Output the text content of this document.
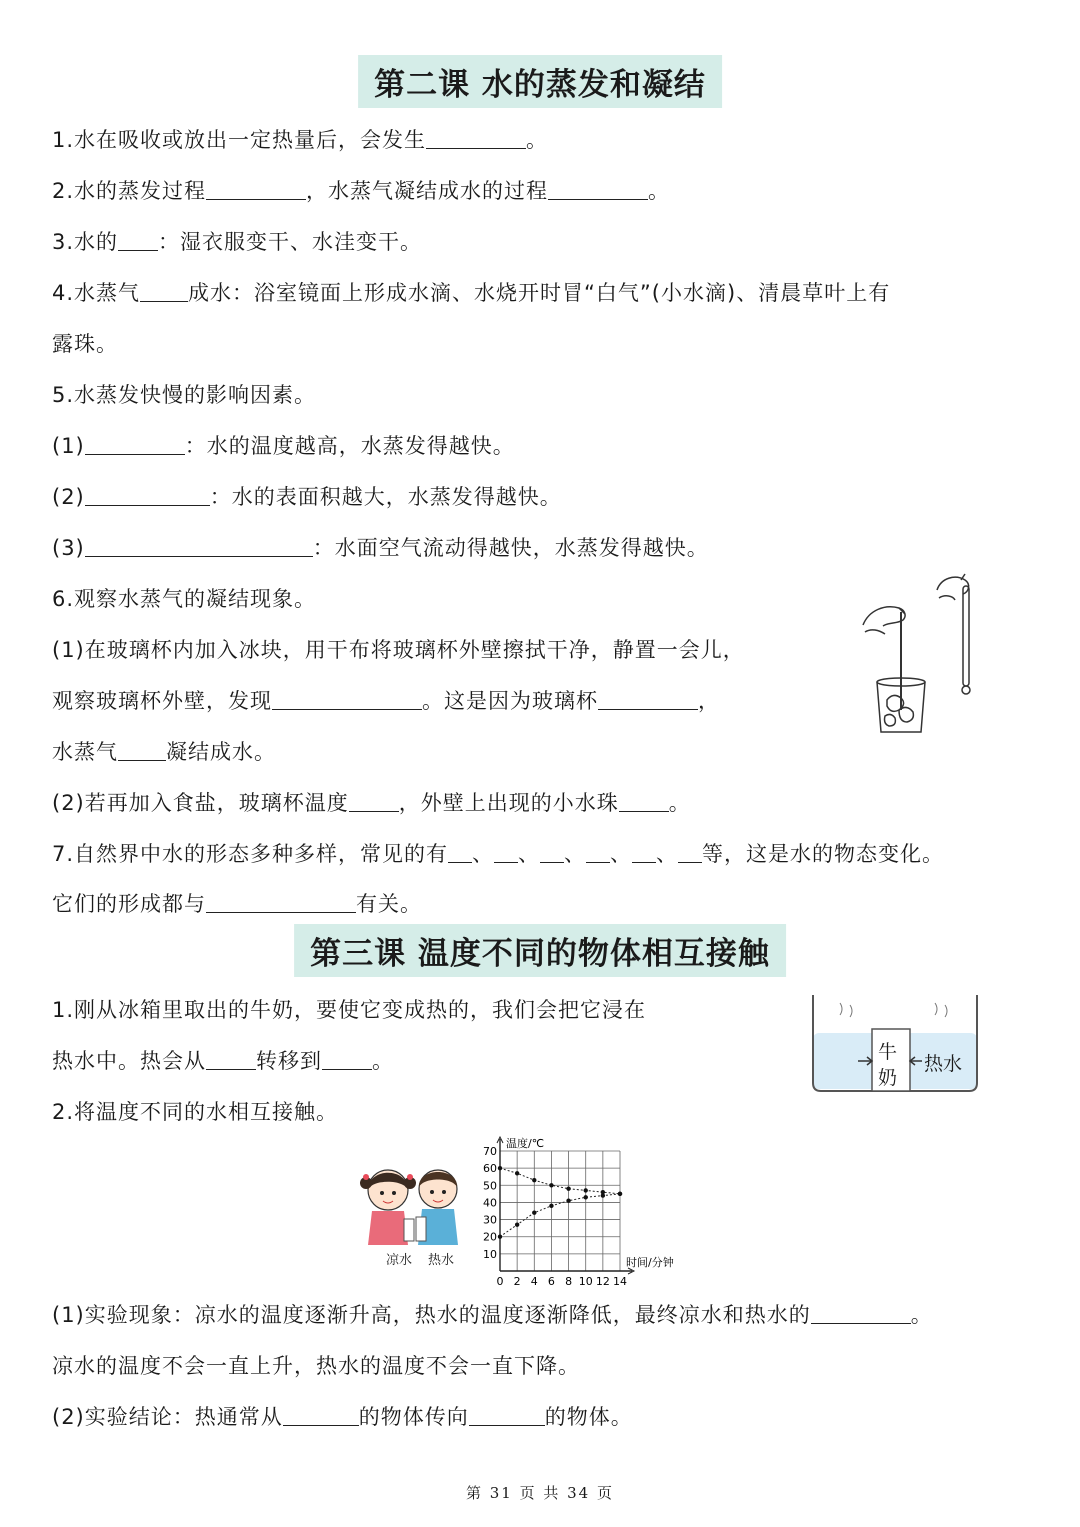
第二课 水的蒸发和凝结
1.水在吸收或放出一定热量后，会发生	。
2.水的蒸发过程	，水蒸气凝结成水的过程	。
3.水的 ：湿衣服变干、水洼变干。
4.水蒸气 成水：浴室镜面上形成水滴、水烧开时冒“白气”(小水滴)、清晨草叶上有
露珠。
5.水蒸发快慢的影响因素。
(1)	：水的温度越高，水蒸发得越快。
(2)	：水的表面积越大，水蒸发得越快。
(3)	：水面空气流动得越快，水蒸发得越快。
6.观察水蒸气的凝结现象。
(1)在玻璃杯内加入冰块，用干布将玻璃杯外壁擦拭干净，静置一会儿，
观察玻璃杯外壁，发现	。这是因为玻璃杯	，
水蒸气 凝结成水。
(2)若再加入食盐，玻璃杯温度 ，外壁上出现的小水珠 。
7.自然界中水的形态多种多样，常见的有 、 、 、 、 、 等，这是水的物态变化。
它们的形成都与	有关。
第三课 温度不同的物体相互接触
1.刚从冰箱里取出的牛奶，要使它变成热的，我们会把它浸在
热水中。热会从 转移到 。	牛
奶
热水
2.将温度不同的水相互接触。
凉水 热水
0 2 4 6 8 10 12 14
10
20
30
40
50
60
70
温度/℃
时间/分钟
(1)实验现象：凉水的温度逐渐升高，热水的温度逐渐降低，最终凉水和热水的	。
凉水的温度不会一直上升，热水的温度不会一直下降。
(2)实验结论：热通常从	的物体传向	的物体。
第 31 页 共 34 页
